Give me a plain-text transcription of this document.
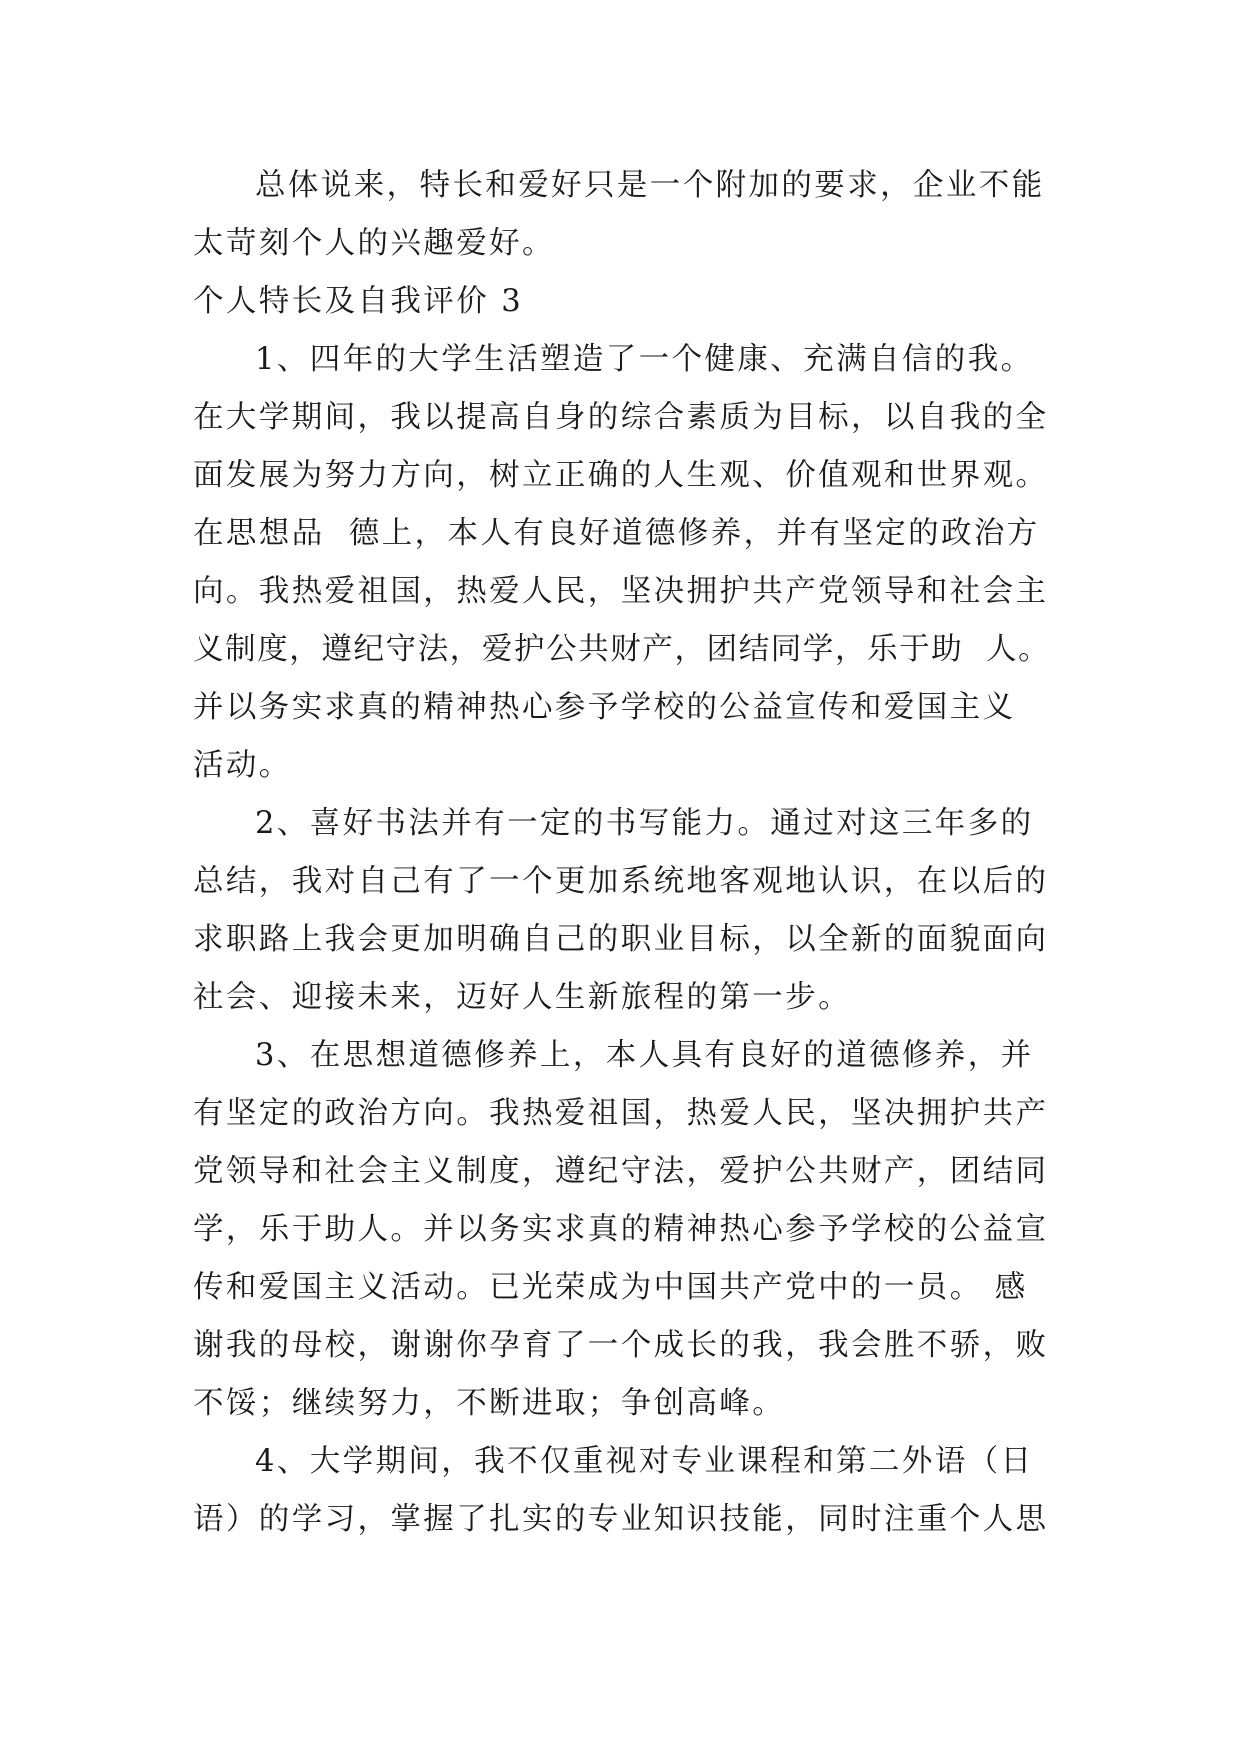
总体说来，特长和爱好只是一个附加的要求，企业不能
太苛刻个人的兴趣爱好。
个人特长及自我评价 3
1、四年的大学生活塑造了一个健康、充满自信的我。
在大学期间，我以提高自身的综合素质为目标，以自我的全
面发展为努力方向，树立正确的人生观、价值观和世界观。
在思想品  德上，本人有良好道德修养，并有坚定的政治方
向。我热爱祖国，热爱人民，坚决拥护共产党领导和社会主
义制度，遵纪守法，爱护公共财产，团结同学，乐于助  人。
并以务实求真的精神热心参予学校的公益宣传和爱国主义
活动。
2、喜好书法并有一定的书写能力。通过对这三年多的
总结，我对自己有了一个更加系统地客观地认识，在以后的
求职路上我会更加明确自己的职业目标，以全新的面貌面向
社会、迎接未来，迈好人生新旅程的第一步。
3、在思想道德修养上，本人具有良好的道德修养，并
有坚定的政治方向。我热爱祖国，热爱人民，坚决拥护共产
党领导和社会主义制度，遵纪守法，爱护公共财产，团结同
学，乐于助人。并以务实求真的精神热心参予学校的公益宣
传和爱国主义活动。已光荣成为中国共产党中的一员。 感
谢我的母校，谢谢你孕育了一个成长的我，我会胜不骄，败
不馁；继续努力，不断进取；争创高峰。
4、大学期间，我不仅重视对专业课程和第二外语（日
语）的学习，掌握了扎实的专业知识技能，同时注重个人思
